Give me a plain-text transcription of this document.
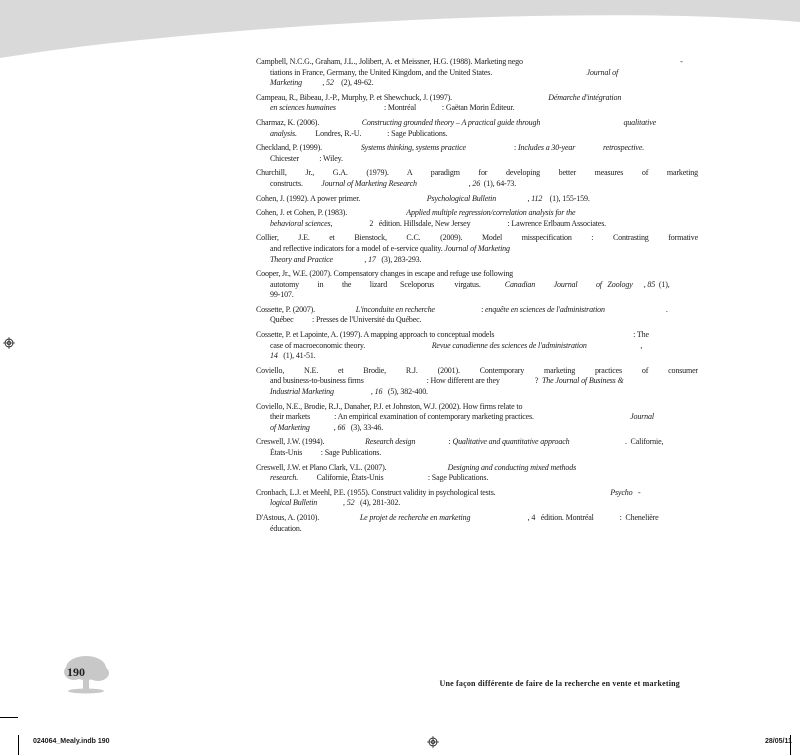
Campbell, N.C.G., Graham, J.L., Jolibert, A. et Meissner, H.G. (1988). Marketing nego                                                                                     -
tiations in France, Germany, the United Kingdom, and the United States.                                                   Journal of
Marketing           , 52    (2), 49-62.
Campeau, R., Bibeau, J.-P., Murphy, P. et Shewchuck, J. (1997).                                                    Démarche d'intégration
en sciences humaines                          : Montréal              : Gaëtan Morin Éditeur.
Charmaz, K. (2006).                       Constructing grounded theory – A practical guide through	qualitative
analysis.          Londres, R.-U.              : Sage Publications.
Checkland, P. (1999).                     Systems thinking, systems practice                          : Includes a 30-year	retrospective.
Chicester           : Wiley.
Churchill, Jr., G.A. (1979). A paradigm for developing better measures of marketing
constructs.          Journal of Marketing Research                            , 26  (1), 64-73.
Cohen, J. (1992). A power primer.                                    Psychological Bulletin                 , 112    (1), 155-159.
Cohen, J. et Cohen, P. (1983).                                Applied multiple regression/correlation analysis for the
behavioral sciences,                    2   édition. Hillsdale, New Jersey                    : Lawrence Erlbaum Associates.
Collier, J.E. et Bienstock, C.C. (2009). Model misspecification : Contrasting formative
and reflective indicators for a model of e-service quality. Journal of Marketing
Theory and Practice                 , 17   (3), 283-293.
Cooper, Jr., W.E. (2007). Compensatory changes in escape and refuge use following
autotomy          in          the          lizard       Sceloporus           virgatus.             Canadian          Journal          of   Zoology      , 85  (1),
99-107.
Cossette, P. (2007).                      L'inconduite en recherche                         : enquête en sciences de l'administration                                 .
Québec          : Presses de l'Université du Québec.
Cossette, P. et Lapointe, A. (1997). A mapping approach to conceptual models                                                                           : The
case of macroeconomic theory.                                    Revue canadienne des sciences de l'administration                             ,
14   (1), 41-51.
Coviello, N.E. et Brodie, R.J. (2001). Contemporary marketing practices of consumer
and business-to-business firms                                  : How different are they                   ?  The Journal of Business &
Industrial Marketing                    , 16   (5), 382-400.
Coviello, N.E., Brodie, R.J., Danaher, P.J. et Johnston, W.J. (2002). How firms relate to
their markets             : An empirical examination of contemporary marketing practices.                                                    Journal
of Marketing             , 66   (3), 33-46.
Creswell, J.W. (1994).                      Research design                  : Qualitative and quantitative approach                              .  Californie,
États-Unis          : Sage Publications.
Creswell, J.W. et Plano Clark, V.L. (2007).                                 Designing and conducting mixed methods
research.          Californie, États-Unis                        : Sage Publications.
Cronbach, L.J. et Meehl, P.E. (1955). Construct validity in psychological tests.                                                              Psycho   -
logical Bulletin              , 52   (4), 281-302.
D'Astous, A. (2010).                      Le projet de recherche en marketing                               , 4   édition. Montréal              :  Chenelière
éducation.
190
Une façon différente de faire de la recherche en vente et marketing
024064_Mealy.indb 190	28/05/11
